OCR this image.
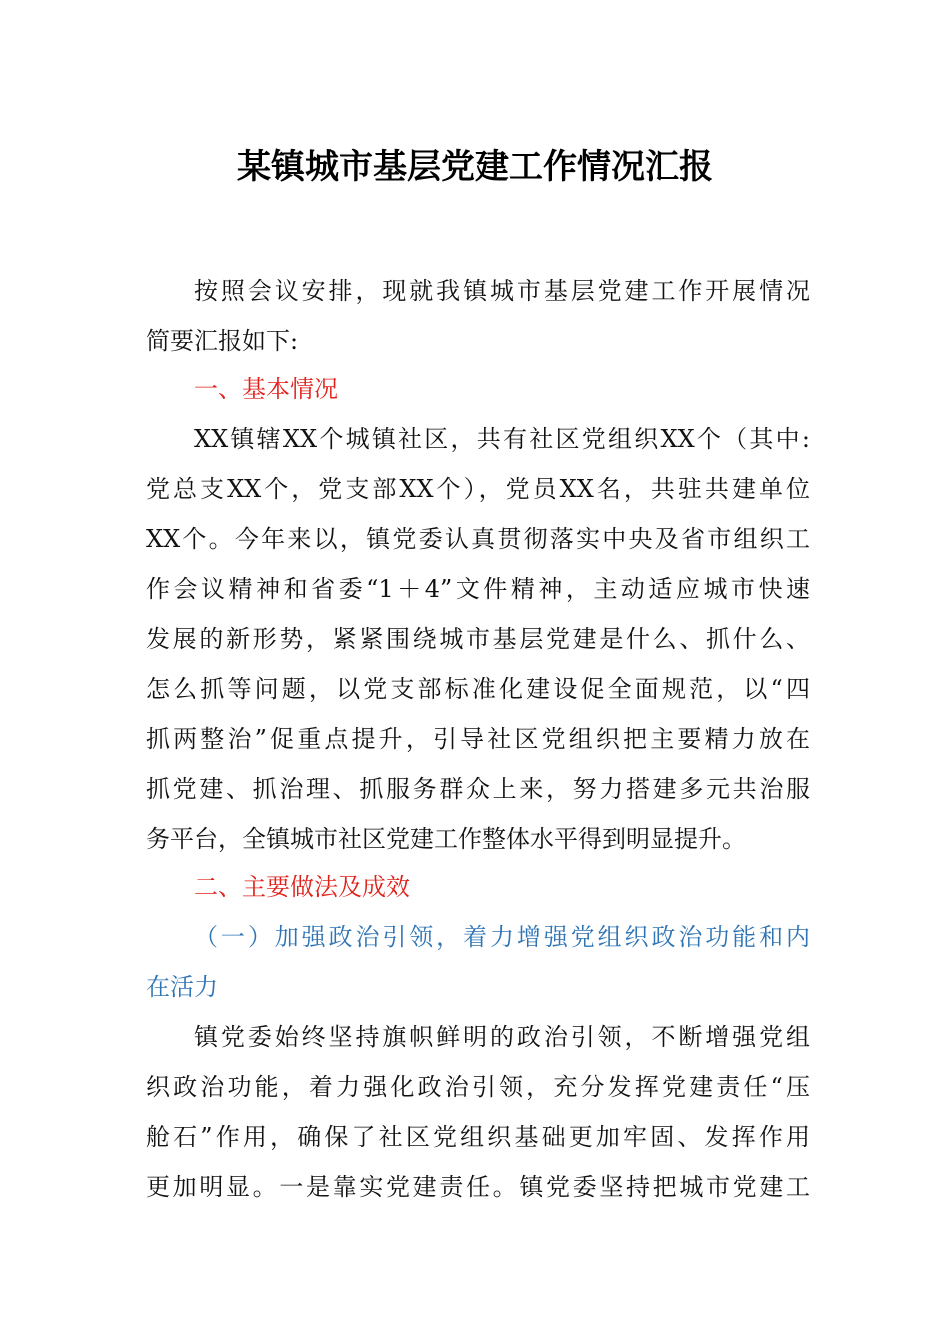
某镇城市基层党建工作情况汇报
按照会议安排，现就我镇城市基层党建工作开展情况
简要汇报如下:
一、基本情况
XX镇辖XX个城镇社区，共有社区党组织XX个（其中:
党总支XX个，党支部XX个），党员XX名，共驻共建单位
XX个。今年来以，镇党委认真贯彻落实中央及省市组织工
作会议精神和省委“1＋4”文件精神，主动适应城市快速
发展的新形势，紧紧围绕城市基层党建是什么、抓什么、
怎么抓等问题，以党支部标准化建设促全面规范，以“四
抓两整治”促重点提升，引导社区党组织把主要精力放在
抓党建、抓治理、抓服务群众上来，努力搭建多元共治服
务平台，全镇城市社区党建工作整体水平得到明显提升。
二、主要做法及成效
（一）加强政治引领，着力增强党组织政治功能和内
在活力
镇党委始终坚持旗帜鲜明的政治引领，不断增强党组
织政治功能，着力强化政治引领，充分发挥党建责任“压
舱石”作用，确保了社区党组织基础更加牢固、发挥作用
更加明显。一是靠实党建责任。镇党委坚持把城市党建工
